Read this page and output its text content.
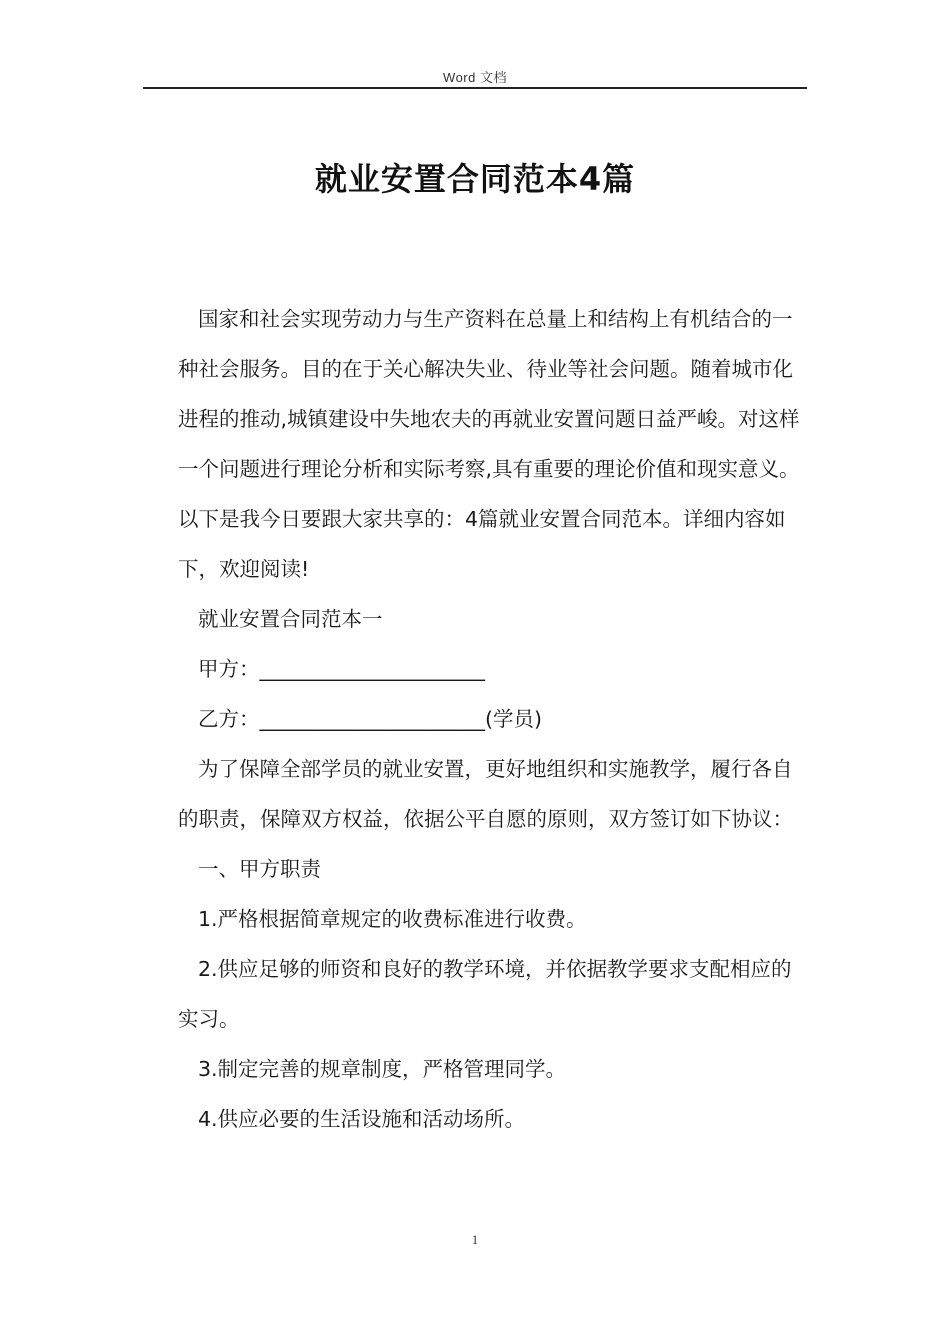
Word 文档
就业安置合同范本4篇

国家和社会实现劳动力与生产资料在总量上和结构上有机结合的一种社会服务。目的在于关心解决失业、待业等社会问题。随着城市化进程的推动,城镇建设中失地农夫的再就业安置问题日益严峻。对这样一个问题进行理论分析和实际考察,具有重要的理论价值和现实意义。以下是我今日要跟大家共享的：4篇就业安置合同范本。详细内容如下，欢迎阅读!

就业安置合同范本一

甲方：______________________

乙方：______________________(学员)

为了保障全部学员的就业安置，更好地组织和实施教学，履行各自的职责，保障双方权益，依据公平自愿的原则，双方签订如下协议：

一、甲方职责

1.严格根据简章规定的收费标准进行收费。

2.供应足够的师资和良好的教学环境，并依据教学要求支配相应的实习。

3.制定完善的规章制度，严格管理同学。

4.供应必要的生活设施和活动场所。

1
